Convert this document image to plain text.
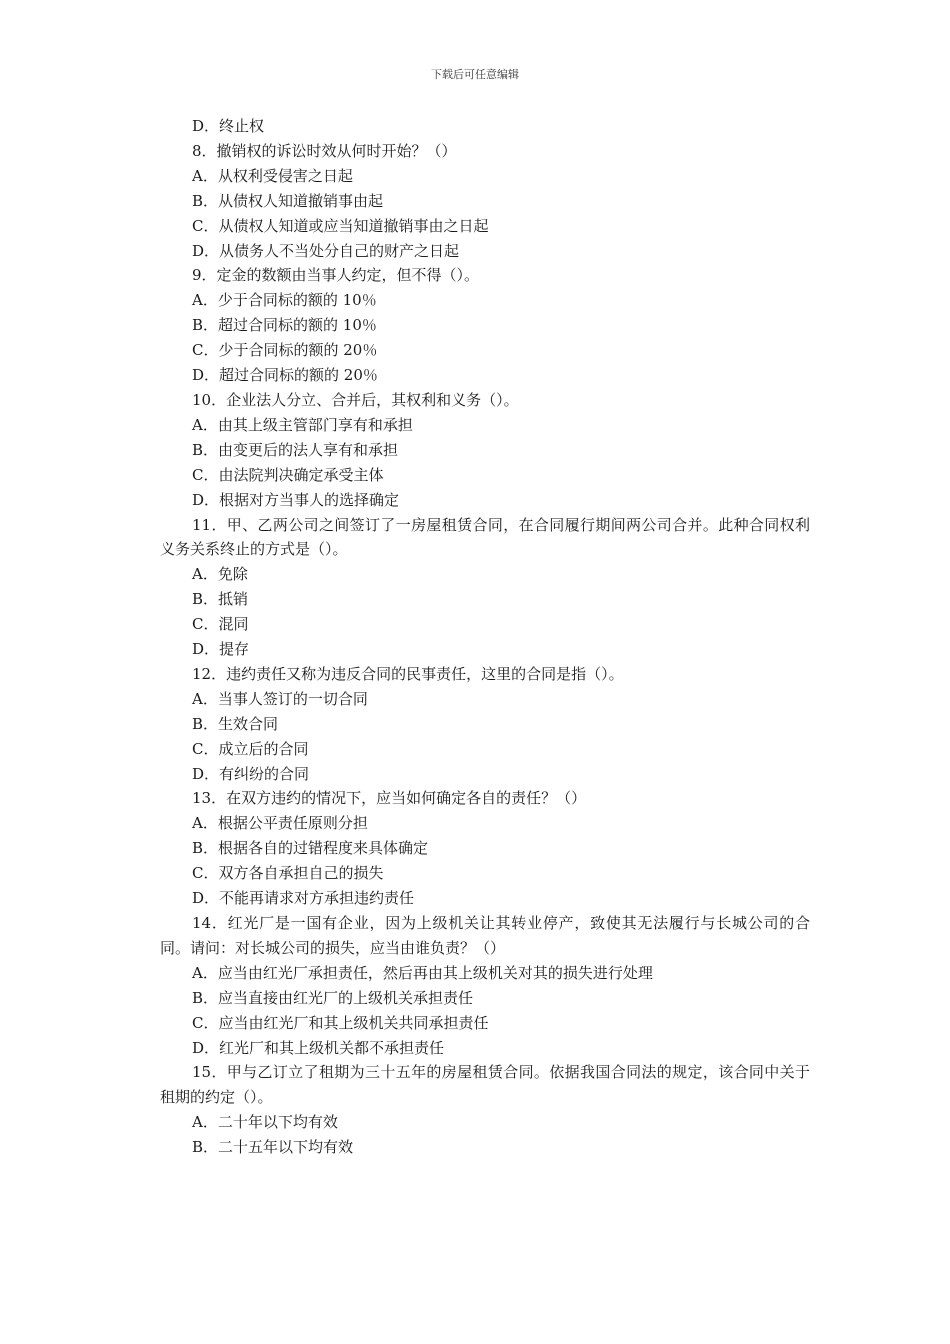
下载后可任意编辑
D．终止权
8．撤销权的诉讼时效从何时开始？（）
A．从权利受侵害之日起
B．从债权人知道撤销事由起
C．从债权人知道或应当知道撤销事由之日起
D．从债务人不当处分自己的财产之日起
9．定金的数额由当事人约定，但不得（）。
A．少于合同标的额的 10％
B．超过合同标的额的 10％
C．少于合同标的额的 20％
D．超过合同标的额的 20％
10．企业法人分立、合并后，其权利和义务（）。
A．由其上级主管部门享有和承担
B．由变更后的法人享有和承担
C．由法院判决确定承受主体
D．根据对方当事人的选择确定
11．甲、乙两公司之间签订了一房屋租赁合同，在合同履行期间两公司合并。此种合同权利义务关系终止的方式是（）。
A．免除
B．抵销
C．混同
D．提存
12．违约责任又称为违反合同的民事责任，这里的合同是指（）。
A．当事人签订的一切合同
B．生效合同
C．成立后的合同
D．有纠纷的合同
13．在双方违约的情况下，应当如何确定各自的责任？（）
A．根据公平责任原则分担
B．根据各自的过错程度来具体确定
C．双方各自承担自己的损失
D．不能再请求对方承担违约责任
14．红光厂是一国有企业，因为上级机关让其转业停产，致使其无法履行与长城公司的合同。请问：对长城公司的损失，应当由谁负责？（）
A．应当由红光厂承担责任，然后再由其上级机关对其的损失进行处理
B．应当直接由红光厂的上级机关承担责任
C．应当由红光厂和其上级机关共同承担责任
D．红光厂和其上级机关都不承担责任
15．甲与乙订立了租期为三十五年的房屋租赁合同。依据我国合同法的规定，该合同中关于租期的约定（）。
A．二十年以下均有效
B．二十五年以下均有效
